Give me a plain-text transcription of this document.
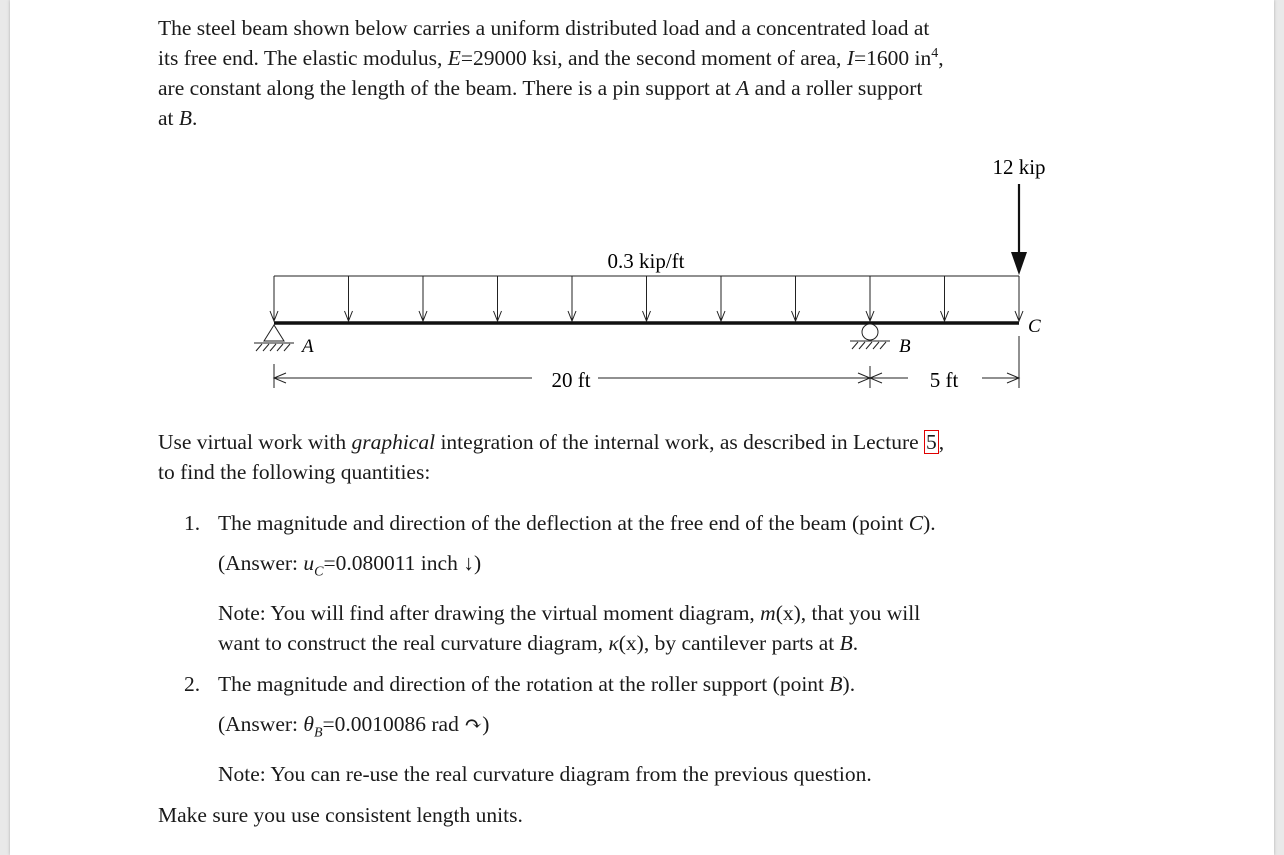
The steel beam shown below carries a uniform distributed load and a concentrated load at
its free end. The elastic modulus, E=29000 ksi, and the second moment of area, I=1600 $in^4$,
are constant along the length of the beam. There is a pin support at A and a roller support
at B.
12 kip
0.3 kip/ft
A	B
C
20 ft	5 ft
Use virtual work with graphical integration of the internal work, as described in Lecture 5,
to find the following quantities:
1. The magnitude and direction of the deflection at the free end of the beam (point C).
(Answer: $u_C=0.080011$ inch ↓)
Note: You will find after drawing the virtual moment diagram, m(x), that you will
want to construct the real curvature diagram, κ(x), by cantilever parts at B.
2. The magnitude and direction of the rotation at the roller support (point B).
(Answer: $\theta_B=0.0010086$ rad ↷)
Note: You can re-use the real curvature diagram from the previous question.
Make sure you use consistent length units.
